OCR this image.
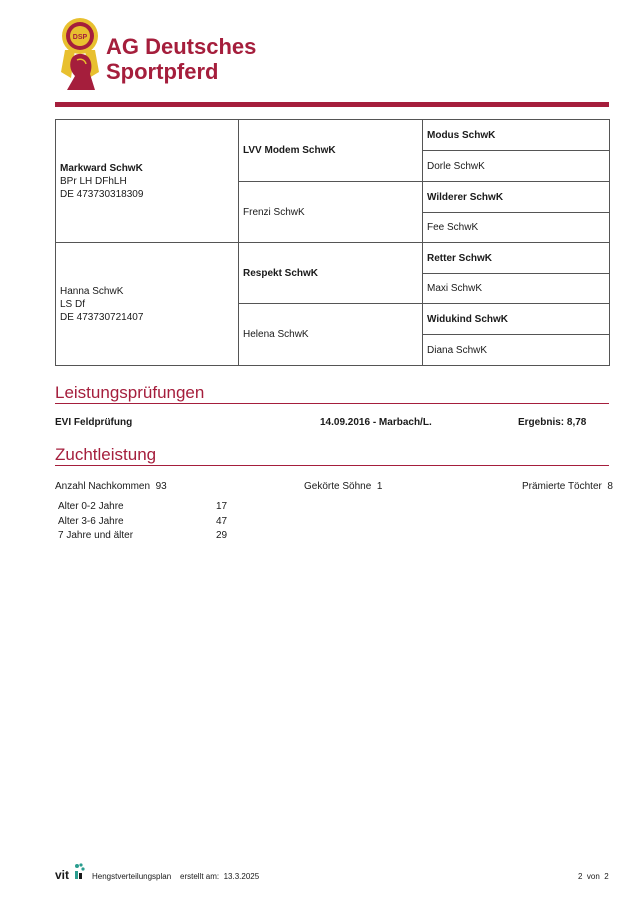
DSP AG Deutsches
Sportpferd
Markward SchwK
BPr LH DFhLH
DE 473730318309	LVV Modem SchwK	Modus SchwK
		Dorle SchwK
	Frenzi SchwK	Wilderer SchwK
		Fee SchwK

Hanna SchwK
LS Df
DE 473730721407	Respekt SchwK	Retter SchwK
		Maxi SchwK
	Helena SchwK	Widukind SchwK
		Diana SchwK
Leistungsprüfungen
EVI Feldprüfung	14.09.2016 - Marbach/L.	Ergebnis: 8,78
Zuchtleistung
Anzahl Nachkommen 93	Gekörte Söhne 1	Prämierte Töchter 8
Alter 0-2 Jahre	17
Alter 3-6 Jahre	47
7 Jahre und älter	29
vit	Hengstverteilungsplan erstellt am: 13.3.2025	2 von 2
